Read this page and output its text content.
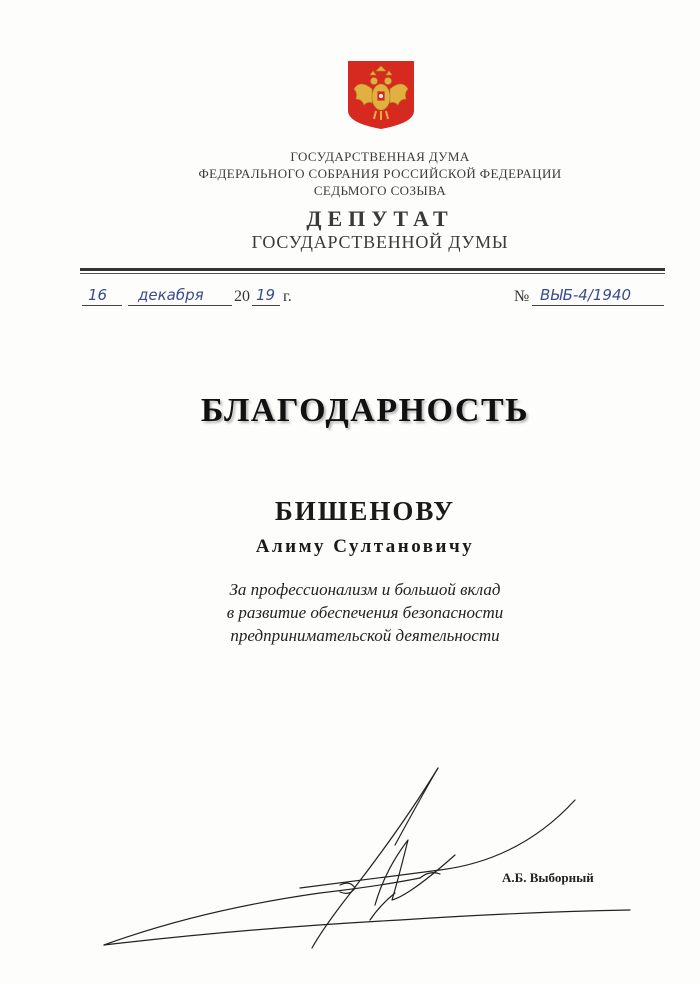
ГОСУДАРСТВЕННАЯ ДУМА
ФЕДЕРАЛЬНОГО СОБРАНИЯ РОССИЙСКОЙ ФЕДЕРАЦИИ
СЕДЬМОГО СОЗЫВА
ДЕПУТАТ
ГОСУДАРСТВЕННОЙ ДУМЫ
16 декабря 20 19 г.	№ ВЫБ-4/1940
БЛАГОДАРНОСТЬ
БИШЕНОВУ
Алиму Султановичу
За профессионализм и большой вклад
в развитие обеспечения безопасности
предпринимательской деятельности
А.Б. Выборный
